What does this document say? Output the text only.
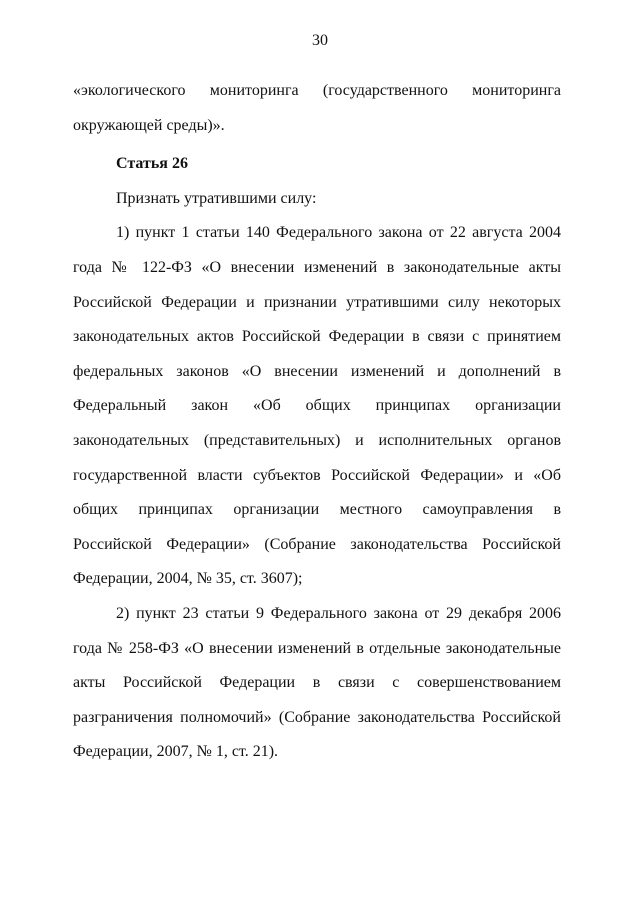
30

«экологического мониторинга (государственного мониторинга окружающей среды)».

Статья 26

Признать утратившими силу:

1) пункт 1 статьи 140 Федерального закона от 22 августа 2004 года № 122-ФЗ «О внесении изменений в законодательные акты Российской Федерации и признании утратившими силу некоторых законодательных актов Российской Федерации в связи с принятием федеральных законов «О внесении изменений и дополнений в Федеральный закон «Об общих принципах организации законодательных (представительных) и исполнительных органов государственной власти субъектов Российской Федерации» и «Об общих принципах организации местного самоуправления в Российской Федерации» (Собрание законодательства Российской Федерации, 2004, № 35, ст. 3607);

2) пункт 23 статьи 9 Федерального закона от 29 декабря 2006 года № 258-ФЗ «О внесении изменений в отдельные законодательные акты Российской Федерации в связи с совершенствованием разграничения полномочий» (Собрание законодательства Российской Федерации, 2007, № 1, ст. 21).
